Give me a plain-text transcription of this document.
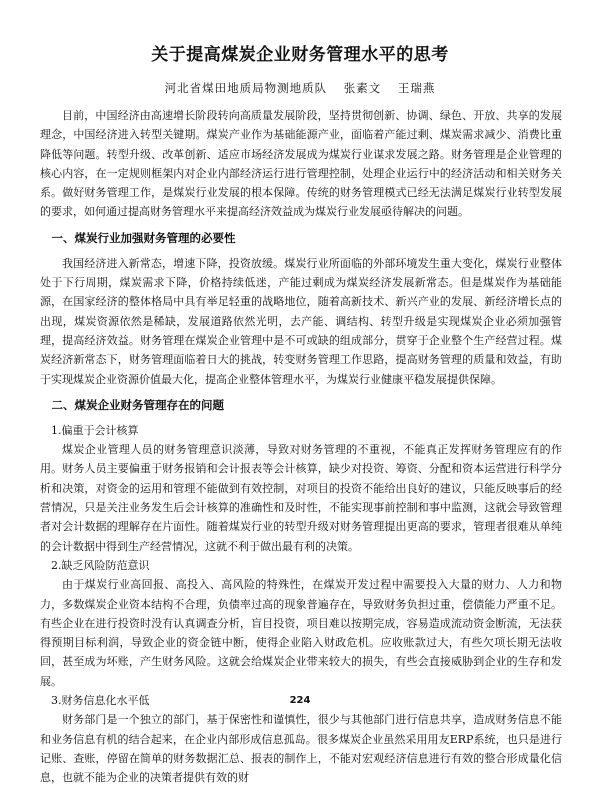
关于提高煤炭企业财务管理水平的思考
河北省煤田地质局物测地质队 张素文 王瑞燕

目前，中国经济由高速增长阶段转向高质量发展阶段，坚持贯彻创新、协调、绿色、开放、共享的发展理念，中国经济进入转型关键期。煤炭产业作为基础能源产业，面临着产能过剩、煤炭需求减少、消费比重降低等问题。转型升级、改革创新、适应市场经济发展成为煤炭行业谋求发展之路。财务管理是企业管理的核心内容，在一定规则框架内对企业内部经济运行进行管理控制，处理企业运行中的经济活动和相关财务关系。做好财务管理工作，是煤炭行业发展的根本保障。传统的财务管理模式已经无法满足煤炭行业转型发展的要求，如何通过提高财务管理水平来提高经济效益成为煤炭行业发展亟待解决的问题。

一、煤炭行业加强财务管理的必要性

我国经济进入新常态，增速下降，投资放缓。煤炭行业所面临的外部环境发生重大变化，煤炭行业整体处于下行周期，煤炭需求下降，价格持续低迷，产能过剩成为煤炭经济发展新常态。但是煤炭作为基础能源，在国家经济的整体格局中具有举足轻重的战略地位，随着高新技术、新兴产业的发展、新经济增长点的出现，煤炭资源依然是稀缺，发展道路依然光明，去产能、调结构、转型升级是实现煤炭企业必须加强管理，提高经济效益。财务管理在煤炭企业管理中是不可或缺的组成部分，贯穿于企业整个生产经营过程。煤炭经济新常态下，财务管理面临着日大的挑战，转变财务管理工作思路，提高财务管理的质量和效益，有助于实现煤炭企业资源价值最大化，提高企业整体管理水平，为煤炭行业健康平稳发展提供保障。

二、煤炭企业财务管理存在的问题
1.偏重于会计核算

煤炭企业管理人员的财务管理意识淡薄，导致对财务管理的不重视，不能真正发挥财务管理应有的作用。财务人员主要偏重于财务报销和会计报表等会计核算，缺少对投资、筹资、分配和资本运营进行科学分析和决策，对资金的运用和管理不能做到有效控制，对项目的投资不能给出良好的建议，只能反映事后的经营情况，只是关注业务发生后会计核算的准确性和及时性，不能实现事前控制和事中监测，这就会导致管理者对会计数据的理解存在片面性。随着煤炭行业的转型升级对财务管理提出更高的要求，管理者很难从单纯的会计数据中得到生产经营情况，这就不利于做出最有利的决策。

2.缺乏风险防范意识

由于煤炭行业高回报、高投入、高风险的特殊性，在煤炭开发过程中需要投入大量的财力、人力和物力，多数煤炭企业资本结构不合理，负债率过高的现象普遍存在，导致财务负担过重，偿债能力严重不足。有些企业在进行投资时没有认真调查分析，盲目投资，项目难以按期完成，容易造成流动资金断流，无法获得预期目标利润，导致企业的资金链中断，使得企业陷入财政危机。应收账款过大，有些欠项长期无法收回，甚至成为坏账，产生财务风险。这就会给煤炭企业带来较大的损失，有些会直接威胁到企业的生存和发展。

3.财务信息化水平低

财务部门是一个独立的部门，基于保密性和谨慎性，很少与其他部门进行信息共享，造成财务信息不能和业务信息有机的结合起来，在企业内部形成信息孤岛。很多煤炭企业虽然采用用友ERP系统，也只是进行记账、查账，停留在简单的财务数据汇总、报表的制作上，不能对宏观经济信息进行有效的整合形成量化信息，也就不能为企业的决策者提供有效的财

224
